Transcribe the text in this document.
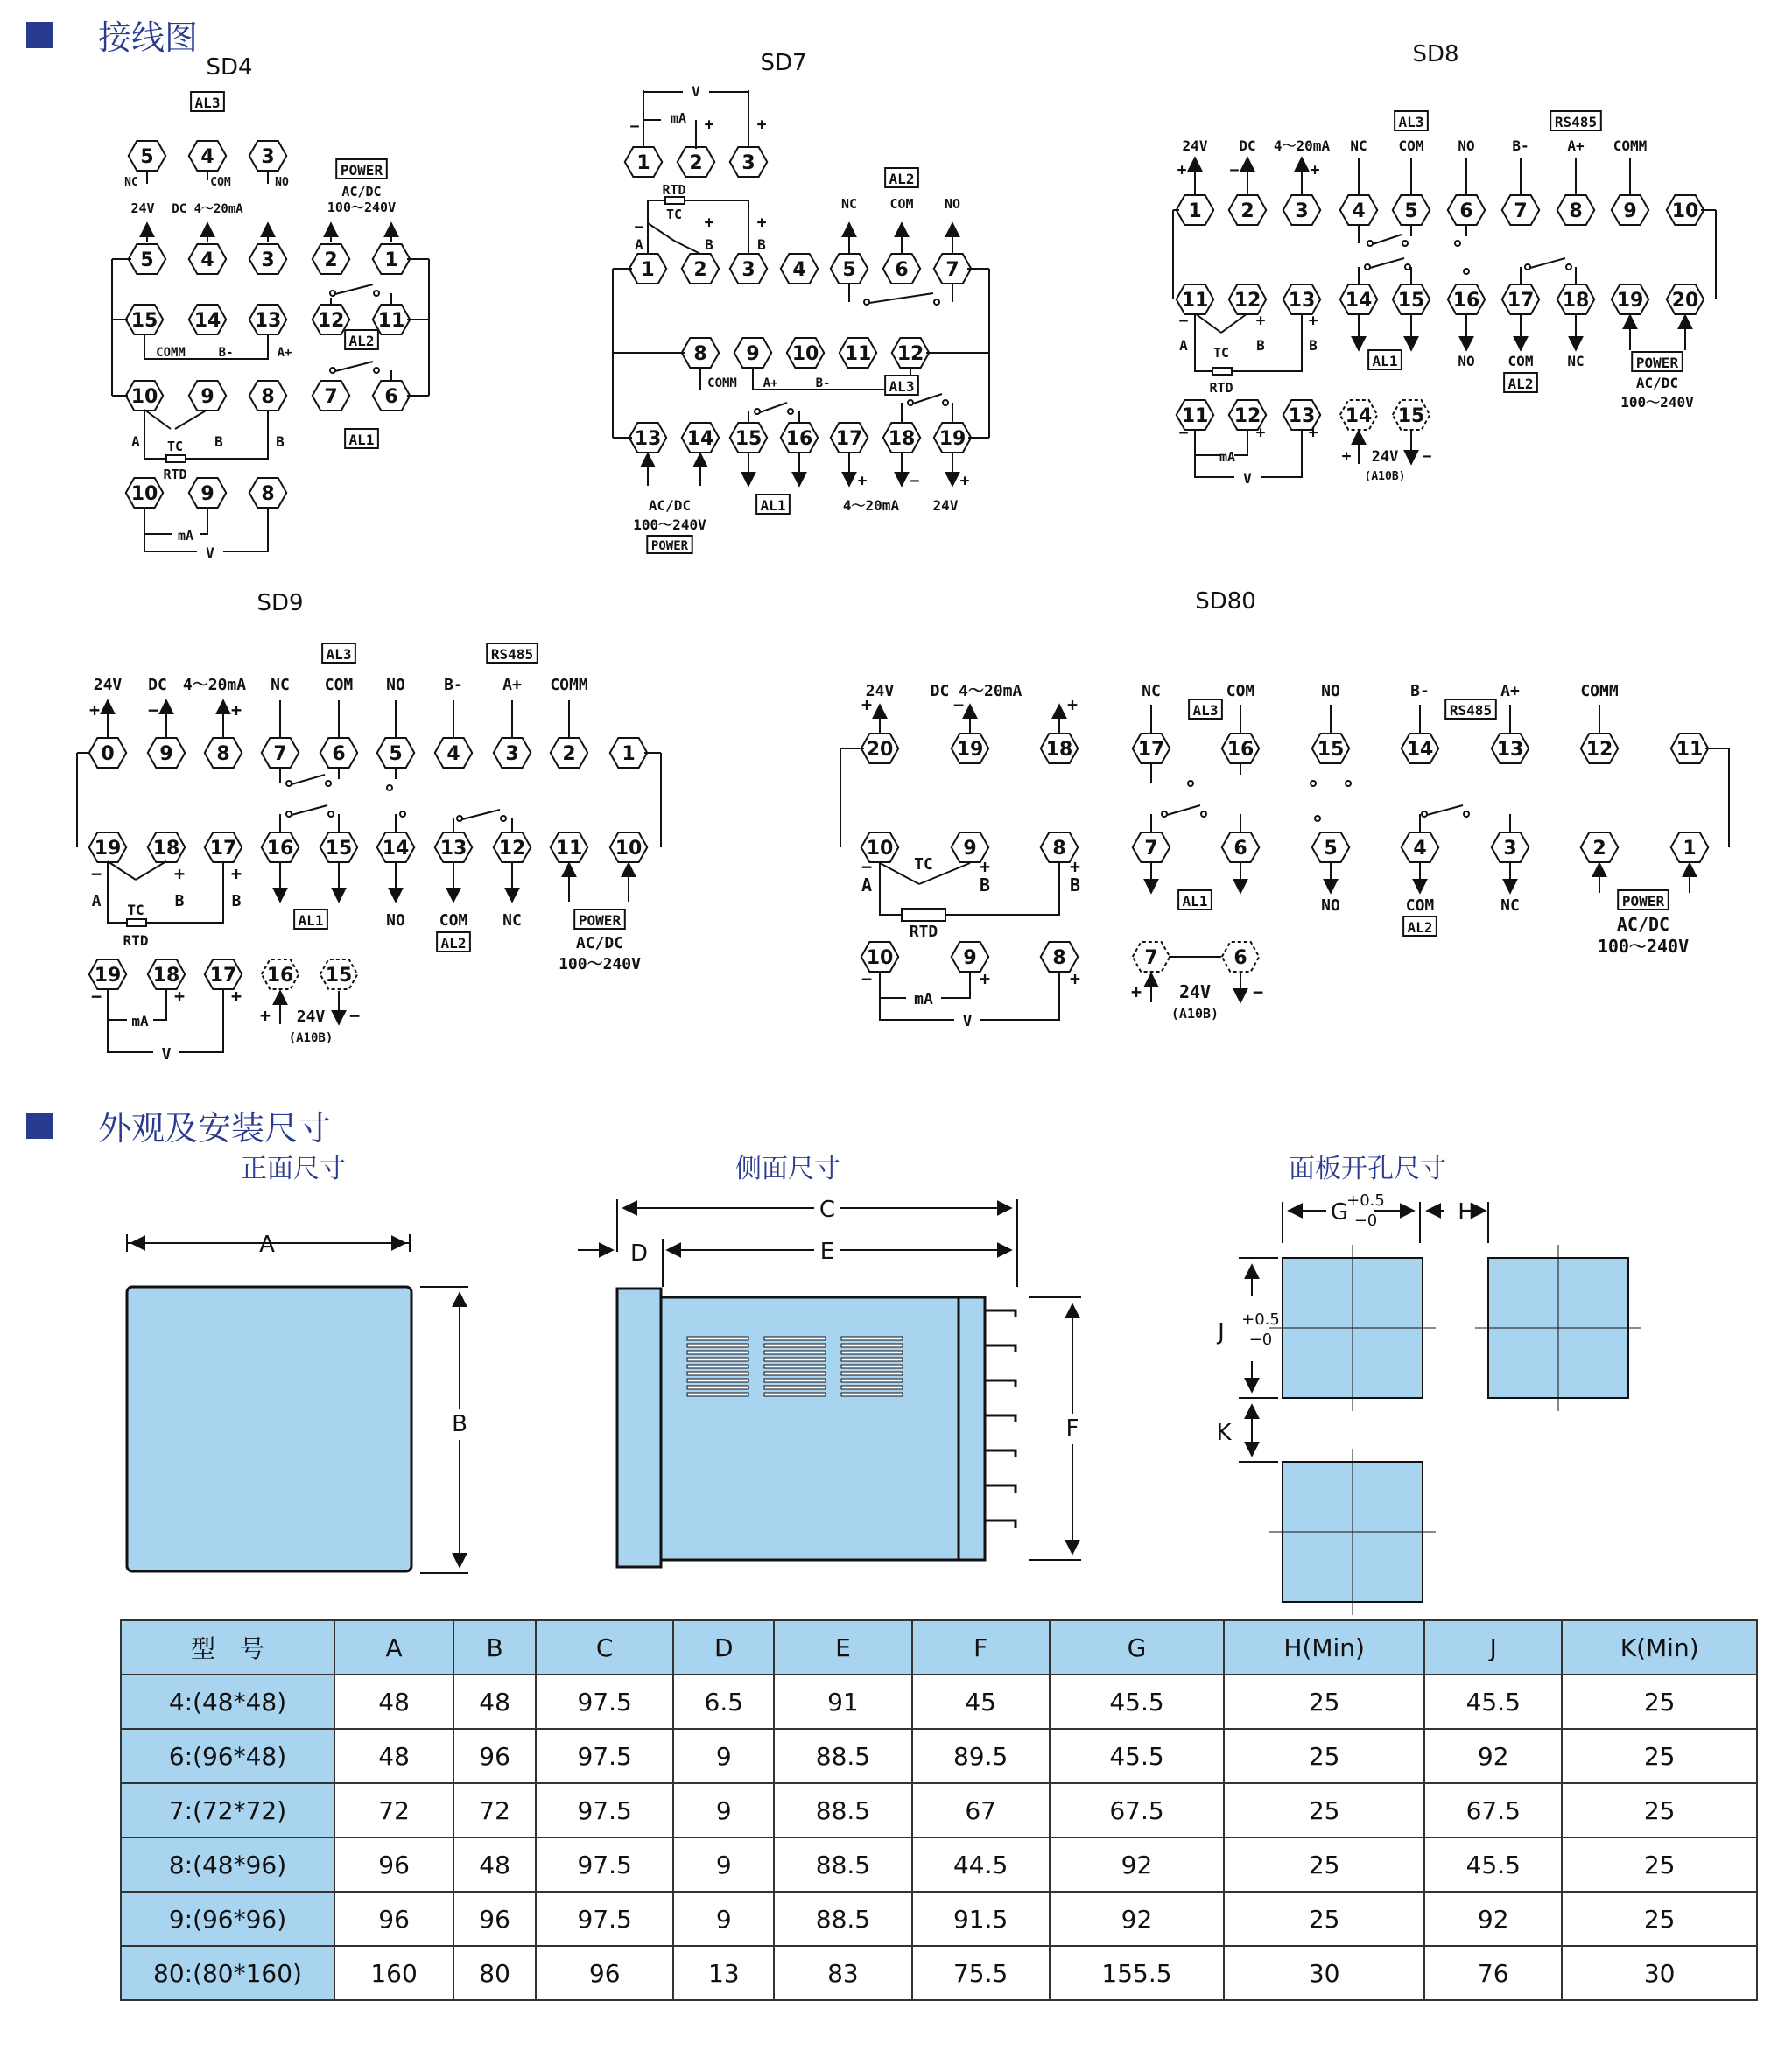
接线图
外观及安装尺寸
SD4
AL3
POWER
AC/DC
100～240V
5 4 3
NC	COM	NO
24V DC 4～20mA
5 4 3	2 1
15 14 13 12 11
COMM	B-	A+
AL2
10 9 8	7 6
AL1
TC
RTD
A	B	B
10 9 8
mA
V
SD7
V
1 2 3
mA
−	+	+
RTD
TC
1 2 3 4 5 6 7
A	B	B
−	+	+
AL2
NC COM NO
8 9 10 11 12
COMM A+	B-
13 14 15 16 17 18 19
AL3
AC/DC
100～240V
POWER
AL1	4～20mA 24V
+	−	+
SD8
AL3	RS485
24V DC 4～20mA NC COM NO	B-	A+ COMM
+	−	+
1 2 3 4 5 6 7 8 9 10
11 12 13 14 15 16 17 18 19 20
AL1	NO COM NC
AL2
POWER
AC/DC
100～240V
TC
RTD
A	B	B
−	+	+
11 12 13
mA
V
−	+	+
14 15
+	−
24V
(A10B)
SD9
AL3	RS485
24V DC 4～20mA NC COM NO B-	A+ COMM
+	−	+
0 9 8 7 6 5 4 3 2 1
19 18 17 16 15 14 13 12 11 10
AL1	NO COM NC
AL2
POWER
AC/DC
100～240V
TC
RTD
A	B	B
−	+	+
19 18 17
mA
V
−	+	+
16 15
+	−
24V
(A10B)
SD80
AL3	RS485
24V DC 4～20mA	NC	COM	NO	B-	A+	COMM
+	−	+
20	19	18	17	16	15	14	13	12	11
10	9	8	7	6	5	4	3	2	1
AL1	NO	COM	NC
AL2
POWER
AC/DC
100～240V
TC
RTD
A	B	B
−	+	+
10	9	8
mA
V
−	+	+
7	6
+	−
24V
(A10B)
A
B
C
D	E
F
G
+0.5
−0	H
J +0.5
−0
K
正面尺寸	侧面尺寸	面板开孔尺寸
型　号	A	B	C	D	E	F	G	H(Min)	J	K(Min)
4:(48*48)	48	48	97.5	6.5	91	45	45.5	25	45.5	25
6:(96*48)	48	96	97.5	9	88.5	89.5	45.5	25	92	25
7:(72*72)	72	72	97.5	9	88.5	67	67.5	25	67.5	25
8:(48*96)	96	48	97.5	9	88.5	44.5	92	25	45.5	25
9:(96*96)	96	96	97.5	9	88.5	91.5	92	25	92	25
80:(80*160)	160	80	96	13	83	75.5	155.5	30	76	30
